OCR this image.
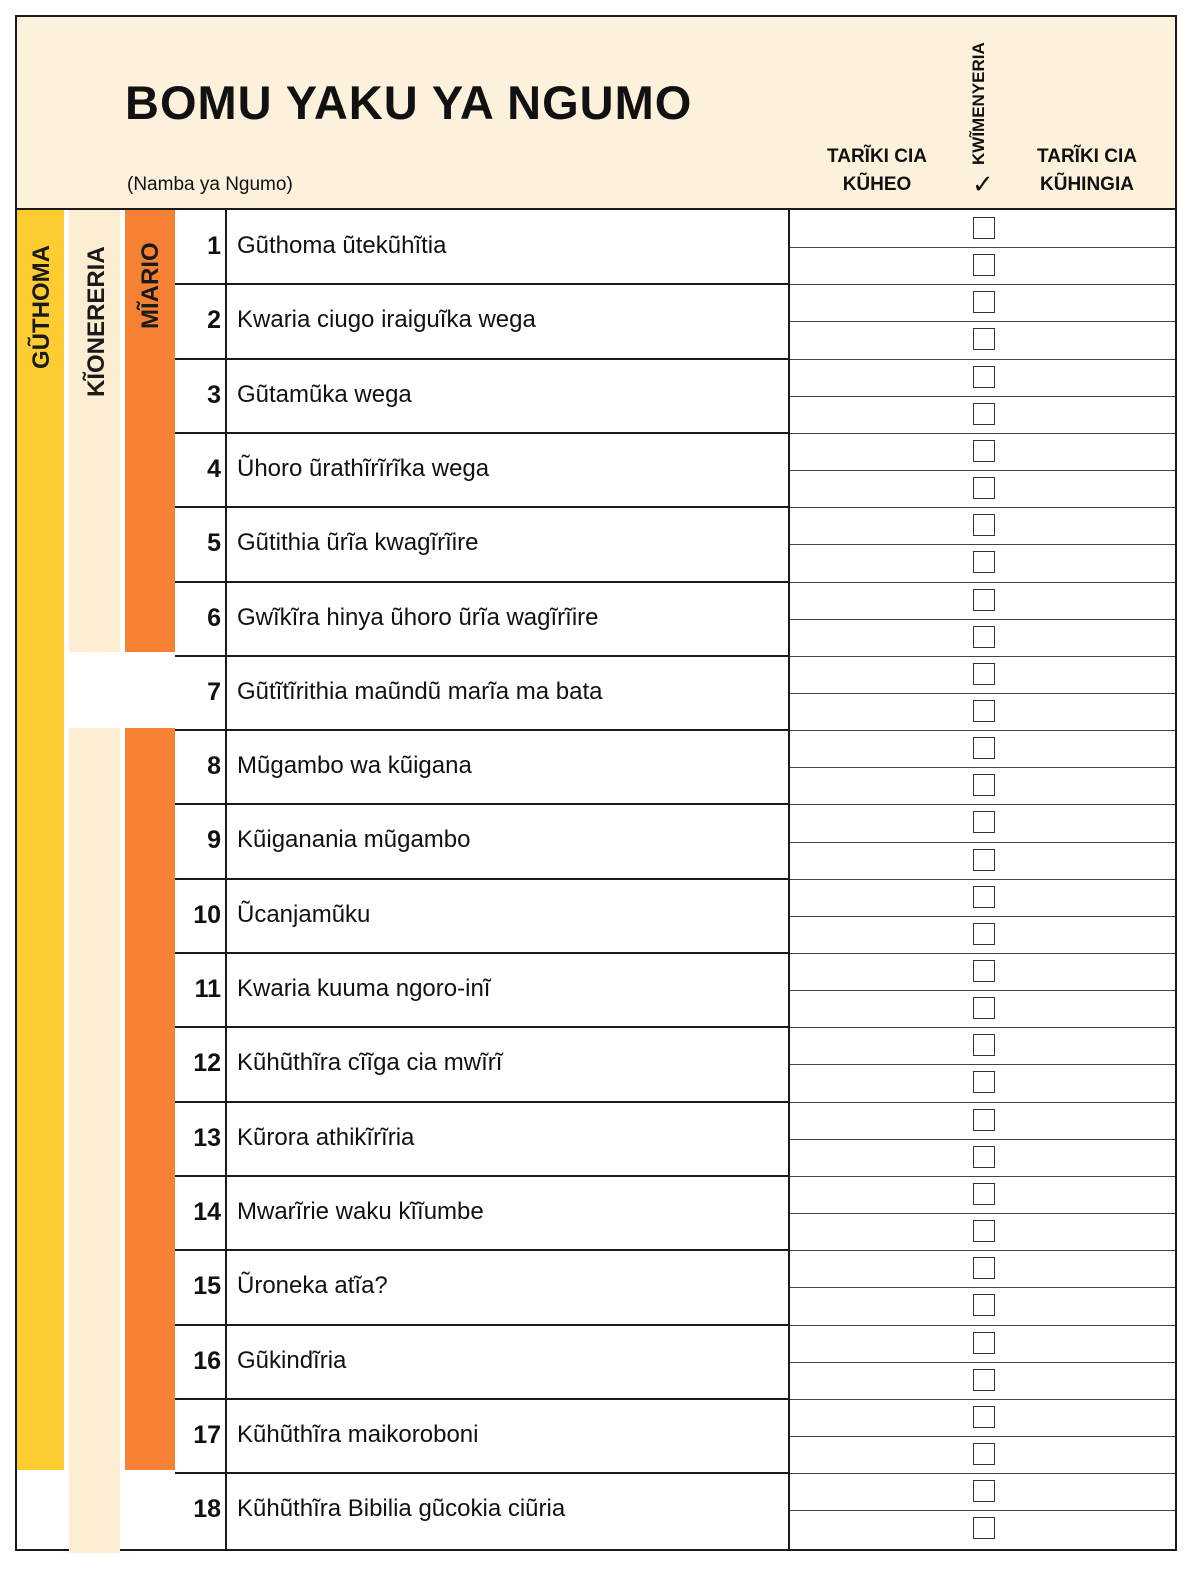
BOMU YAKU YA NGUMO
(Namba ya Ngumo)
TARĨKI CIA
KŨHEO
KWĨMENYERIA
✓
TARĨKI CIA
KŨHINGIA
GŨTHOMA KĨONERERIA MĨARIO	1 Gũthoma ũtekũhĩtia
2 Kwaria ciugo iraiguĩka wega
3 Gũtamũka wega
4 Ũhoro ũrathĩrĩrĩka wega
5 Gũtithia ũrĩa kwagĩrĩire
6 Gwĩkĩra hinya ũhoro ũrĩa wagĩrĩire
7 Gũtĩtĩrithia maũndũ marĩa ma bata
8 Mũgambo wa kũigana
9 Kũiganania mũgambo
10 Ũcanjamũku
11 Kwaria kuuma ngoro-inĩ
12 Kũhũthĩra cĩĩga cia mwĩrĩ
13 Kũrora athikĩrĩria
14 Mwarĩrie waku kĩĩumbe
15 Ũroneka atĩa?
16 Gũkindĩria
17 Kũhũthĩra maikoroboni
18 Kũhũthĩra Bibilia gũcokia ciũria
